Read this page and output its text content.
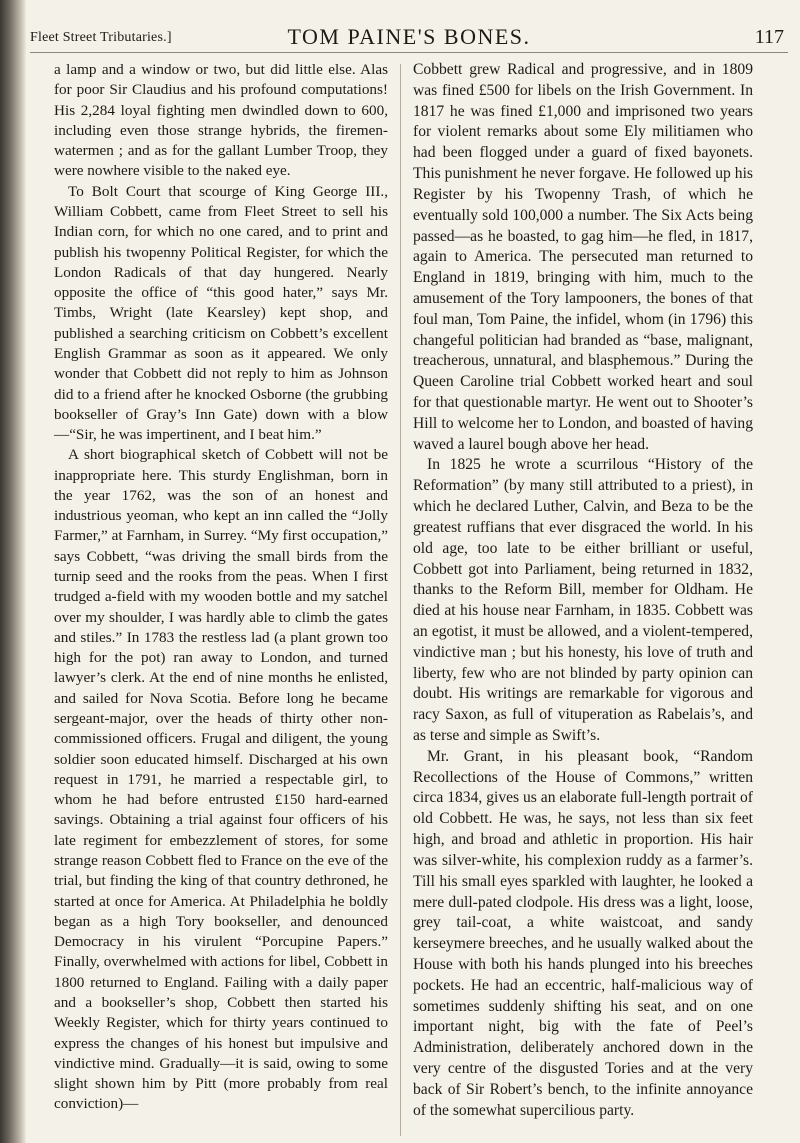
Fleet Street Tributaries.]	TOM PAINE'S BONES.	117

a lamp and a window or two, but did little else. Alas for poor Sir Claudius and his profound computations! His 2,284 loyal fighting men dwindled down to 600, including even those strange hybrids, the firemen-watermen ; and as for the gallant Lumber Troop, they were nowhere visible to the naked eye.

To Bolt Court that scourge of King George III., William Cobbett, came from Fleet Street to sell his Indian corn, for which no one cared, and to print and publish his twopenny Political Register, for which the London Radicals of that day hungered. Nearly opposite the office of “this good hater,” says Mr. Timbs, Wright (late Kearsley) kept shop, and published a searching criticism on Cobbett’s excellent English Grammar as soon as it appeared. We only wonder that Cobbett did not reply to him as Johnson did to a friend after he knocked Osborne (the grubbing bookseller of Gray’s Inn Gate) down with a blow—“Sir, he was impertinent, and I beat him.”

A short biographical sketch of Cobbett will not be inappropriate here. This sturdy Englishman, born in the year 1762, was the son of an honest and industrious yeoman, who kept an inn called the “Jolly Farmer,” at Farnham, in Surrey. “My first occupation,” says Cobbett, “was driving the small birds from the turnip seed and the rooks from the peas. When I first trudged a-field with my wooden bottle and my satchel over my shoulder, I was hardly able to climb the gates and stiles.” In 1783 the restless lad (a plant grown too high for the pot) ran away to London, and turned lawyer’s clerk. At the end of nine months he enlisted, and sailed for Nova Scotia. Before long he became sergeant-major, over the heads of thirty other non-commissioned officers. Frugal and diligent, the young soldier soon educated himself. Discharged at his own request in 1791, he married a respectable girl, to whom he had before entrusted £150 hard-earned savings. Obtaining a trial against four officers of his late regiment for embezzlement of stores, for some strange reason Cobbett fled to France on the eve of the trial, but finding the king of that country dethroned, he started at once for America. At Philadelphia he boldly began as a high Tory bookseller, and denounced Democracy in his virulent “Porcupine Papers.” Finally, overwhelmed with actions for libel, Cobbett in 1800 returned to England. Failing with a daily paper and a bookseller’s shop, Cobbett then started his Weekly Register, which for thirty years continued to express the changes of his honest but impulsive and vindictive mind. Gradually—it is said, owing to some slight shown him by Pitt (more probably from real conviction)—

Cobbett grew Radical and progressive, and in 1809 was fined £500 for libels on the Irish Government. In 1817 he was fined £1,000 and imprisoned two years for violent remarks about some Ely militiamen who had been flogged under a guard of fixed bayonets. This punishment he never forgave. He followed up his Register by his Twopenny Trash, of which he eventually sold 100,000 a number. The Six Acts being passed—as he boasted, to gag him—he fled, in 1817, again to America. The persecuted man returned to England in 1819, bringing with him, much to the amusement of the Tory lampooners, the bones of that foul man, Tom Paine, the infidel, whom (in 1796) this changeful politician had branded as “base, malignant, treacherous, unnatural, and blasphemous.” During the Queen Caroline trial Cobbett worked heart and soul for that questionable martyr. He went out to Shooter’s Hill to welcome her to London, and boasted of having waved a laurel bough above her head.

In 1825 he wrote a scurrilous “History of the Reformation” (by many still attributed to a priest), in which he declared Luther, Calvin, and Beza to be the greatest ruffians that ever disgraced the world. In his old age, too late to be either brilliant or useful, Cobbett got into Parliament, being returned in 1832, thanks to the Reform Bill, member for Oldham. He died at his house near Farnham, in 1835. Cobbett was an egotist, it must be allowed, and a violent-tempered, vindictive man ; but his honesty, his love of truth and liberty, few who are not blinded by party opinion can doubt. His writings are remarkable for vigorous and racy Saxon, as full of vituperation as Rabelais’s, and as terse and simple as Swift’s.

Mr. Grant, in his pleasant book, “Random Recollections of the House of Commons,” written circa 1834, gives us an elaborate full-length portrait of old Cobbett. He was, he says, not less than six feet high, and broad and athletic in proportion. His hair was silver-white, his complexion ruddy as a farmer’s. Till his small eyes sparkled with laughter, he looked a mere dull-pated clodpole. His dress was a light, loose, grey tail-coat, a white waistcoat, and sandy kerseymere breeches, and he usually walked about the House with both his hands plunged into his breeches pockets. He had an eccentric, half-malicious way of sometimes suddenly shifting his seat, and on one important night, big with the fate of Peel’s Administration, deliberately anchored down in the very centre of the disgusted Tories and at the very back of Sir Robert’s bench, to the infinite annoyance of the somewhat supercilious party.
